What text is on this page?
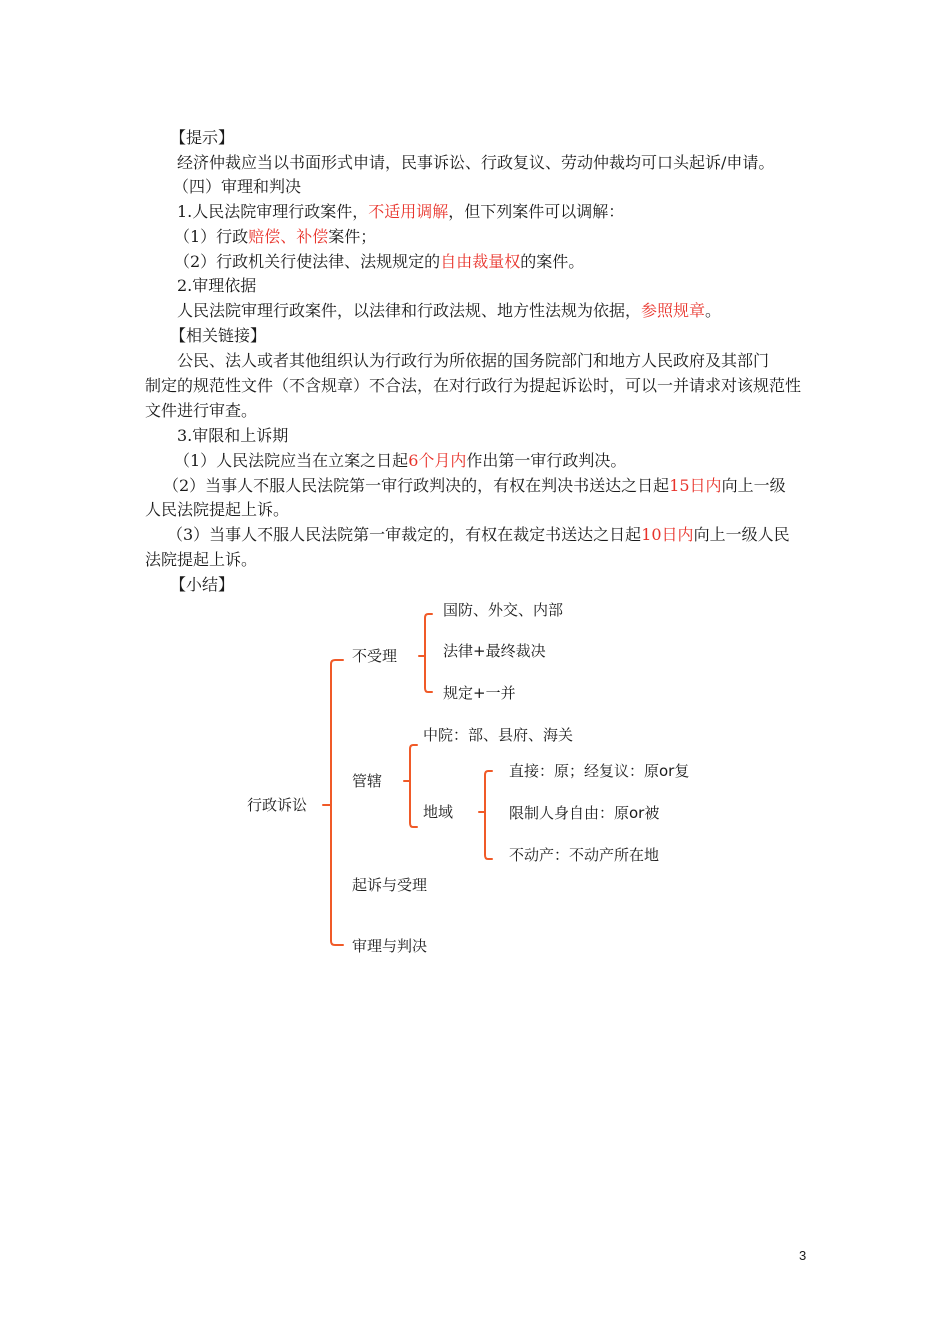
【提示】
经济仲裁应当以书面形式申请，民事诉讼、行政复议、劳动仲裁均可口头起诉/申请。
（四）审理和判决
1.人民法院审理行政案件，不适用调解，但下列案件可以调解：
（1）行政赔偿、补偿案件；
（2）行政机关行使法律、法规规定的自由裁量权的案件。
2.审理依据
人民法院审理行政案件，以法律和行政法规、地方性法规为依据，参照规章。
【相关链接】
公民、法人或者其他组织认为行政行为所依据的国务院部门和地方人民政府及其部门
制定的规范性文件（不含规章）不合法，在对行政行为提起诉讼时，可以一并请求对该规范性
文件进行审查。
3.审限和上诉期
（1）人民法院应当在立案之日起6个月内作出第一审行政判决。
（2）当事人不服人民法院第一审行政判决的，有权在判决书送达之日起15日内向上一级
人民法院提起上诉。
（3）当事人不服人民法院第一审裁定的，有权在裁定书送达之日起10日内向上一级人民
法院提起上诉。
【小结】
行政诉讼
不受理
国防、外交、内部
法律+最终裁决
规定+一并
管辖
中院：部、县府、海关
地域
直接：原；经复议：原or复
限制人身自由：原or被
不动产：不动产所在地
起诉与受理
审理与判决
3
